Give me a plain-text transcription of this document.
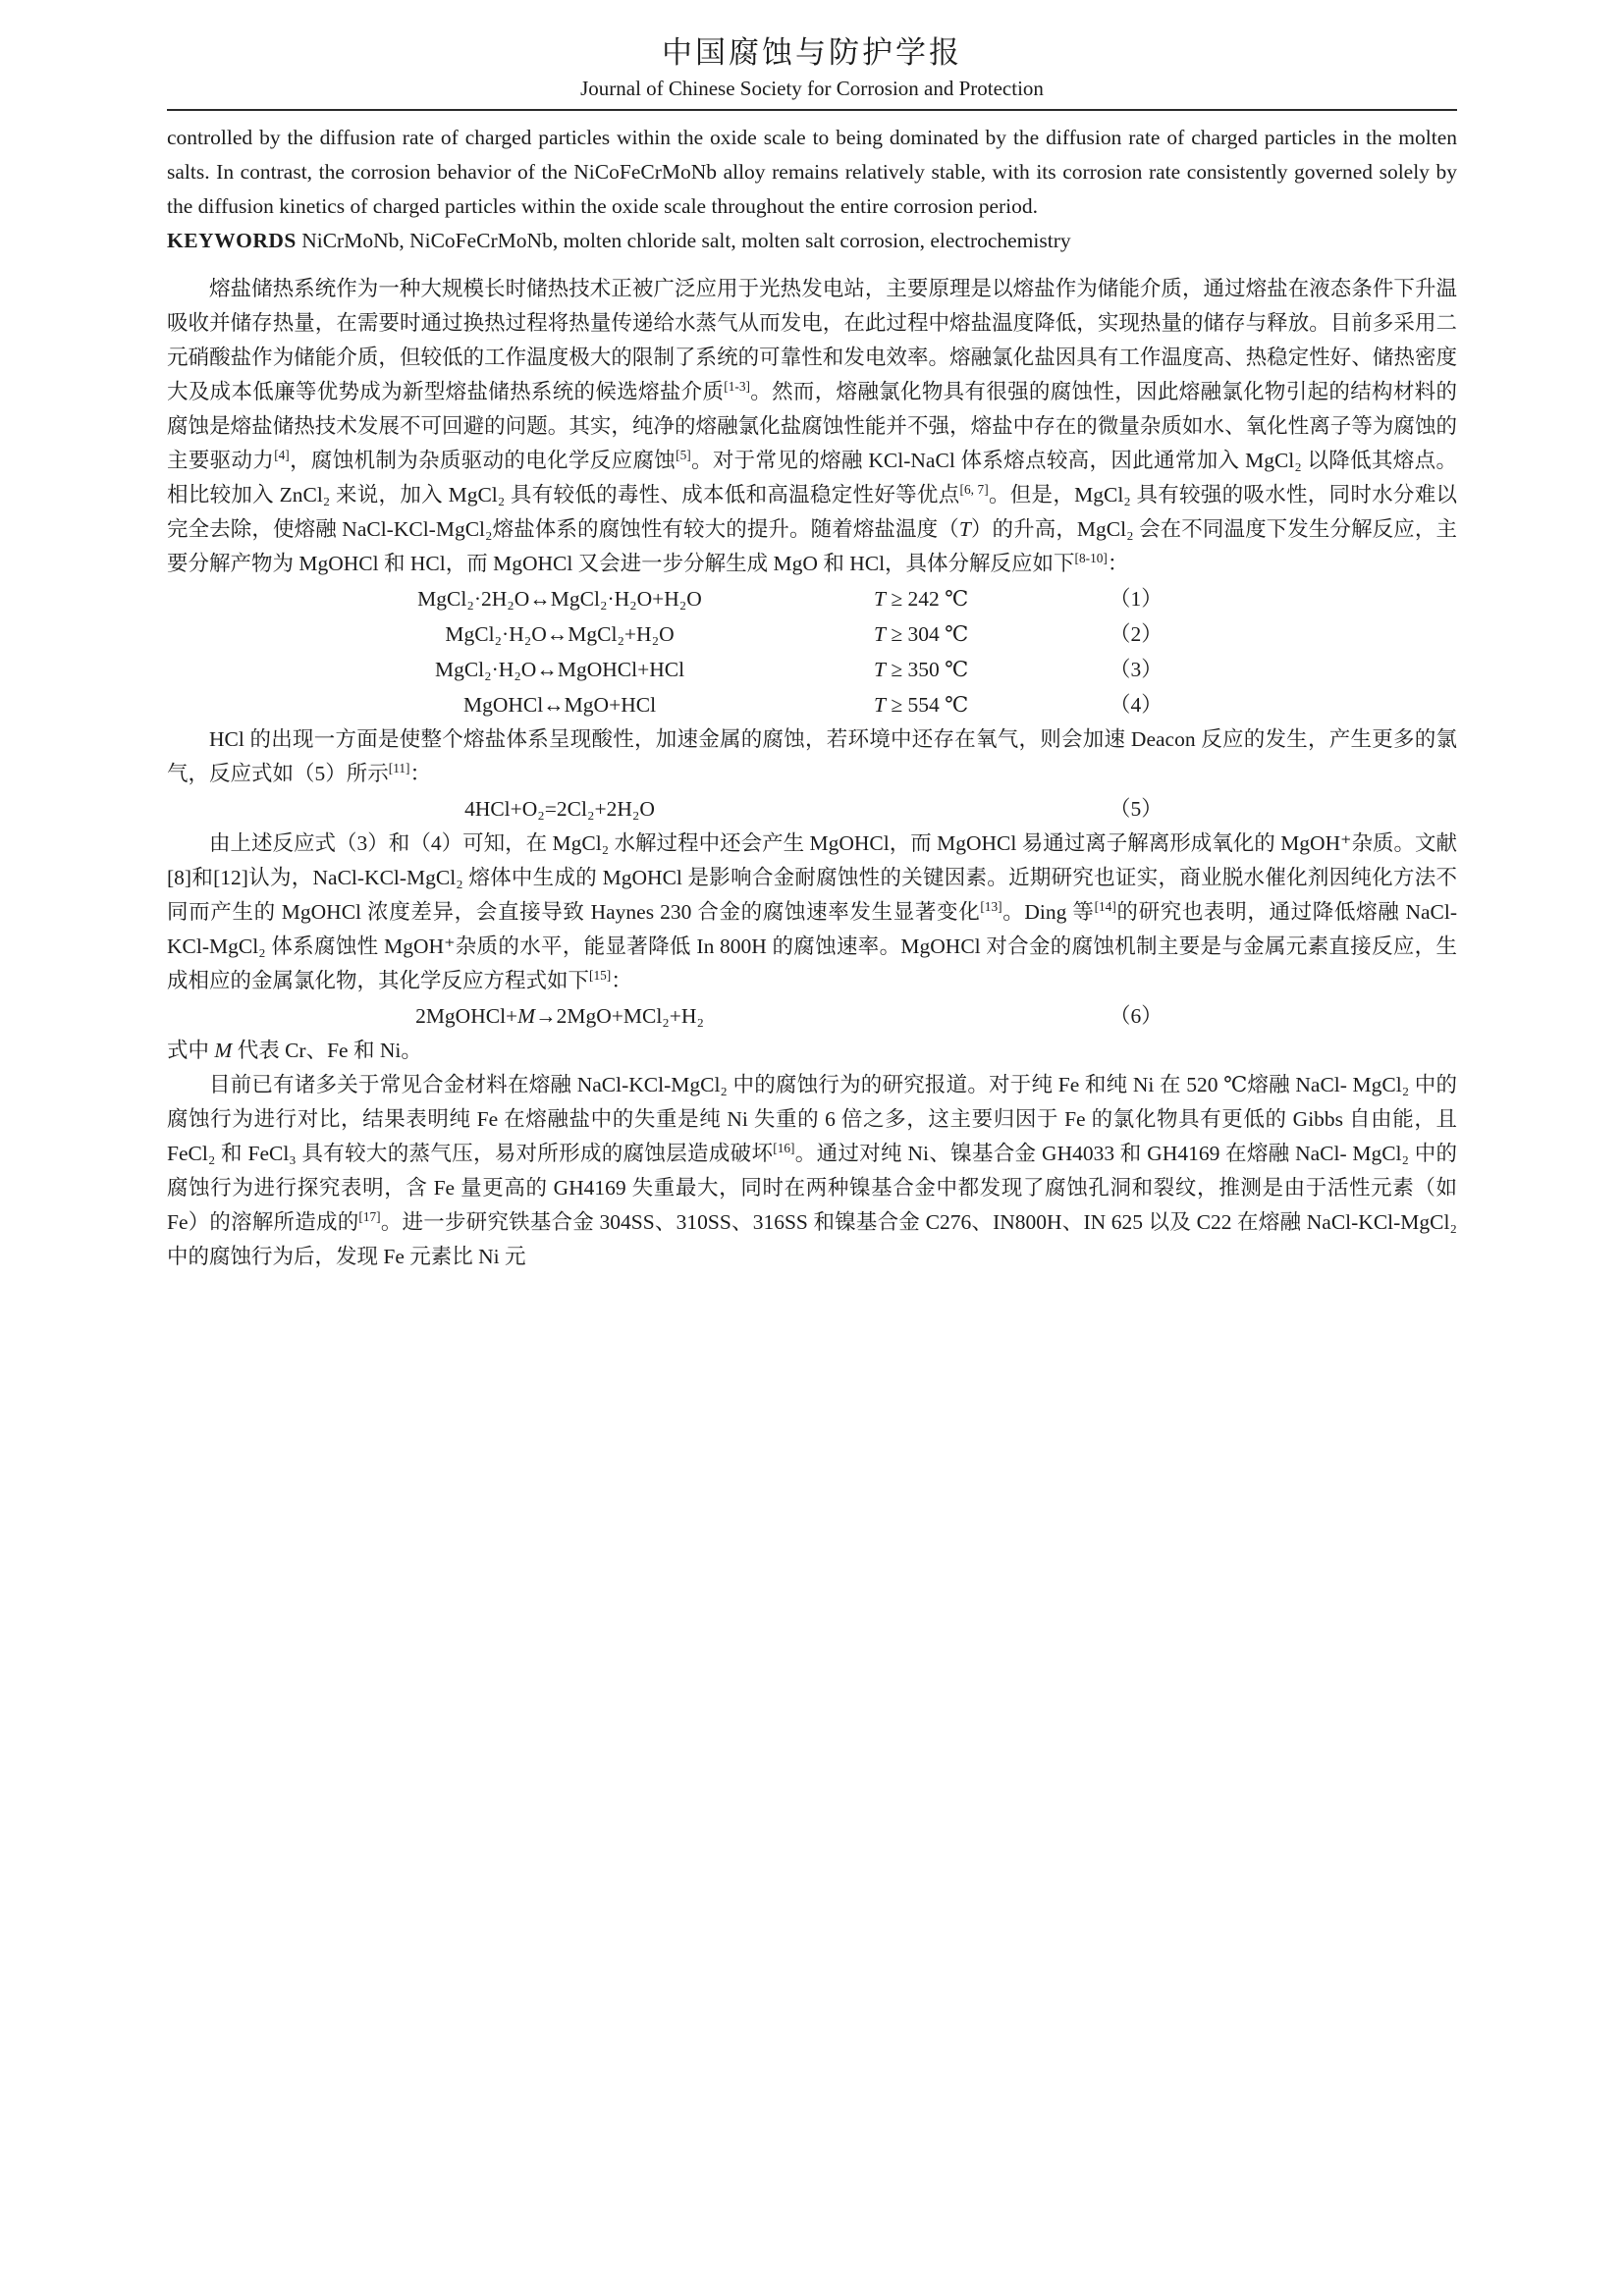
中国腐蚀与防护学报
Journal of Chinese Society for Corrosion and Protection

controlled by the diffusion rate of charged particles within the oxide scale to being dominated by the diffusion rate of charged particles in the molten salts. In contrast, the corrosion behavior of the NiCoFeCrMoNb alloy remains relatively stable, with its corrosion rate consistently governed solely by the diffusion kinetics of charged particles within the oxide scale throughout the entire corrosion period.

KEYWORDS NiCrMoNb, NiCoFeCrMoNb, molten chloride salt, molten salt corrosion, electrochemistry

熔盐储热系统作为一种大规模长时储热技术正被广泛应用于光热发电站，主要原理是以熔盐作为储能介质，通过熔盐在液态条件下升温吸收并储存热量，在需要时通过换热过程将热量传递给水蒸气从而发电，在此过程中熔盐温度降低，实现热量的储存与释放。目前多采用二元硝酸盐作为储能介质，但较低的工作温度极大的限制了系统的可靠性和发电效率。熔融氯化盐因具有工作温度高、热稳定性好、储热密度大及成本低廉等优势成为新型熔盐储热系统的候选熔盐介质[1-3]。然而，熔融氯化物具有很强的腐蚀性，因此熔融氯化物引起的结构材料的腐蚀是熔盐储热技术发展不可回避的问题。其实，纯净的熔融氯化盐腐蚀性能并不强，熔盐中存在的微量杂质如水、氧化性离子等为腐蚀的主要驱动力[4]，腐蚀机制为杂质驱动的电化学反应腐蚀[5]。对于常见的熔融 KCl-NaCl 体系熔点较高，因此通常加入 MgCl₂ 以降低其熔点。相比较加入 ZnCl₂ 来说，加入 MgCl₂ 具有较低的毒性、成本低和高温稳定性好等优点[6, 7]。但是，MgCl₂ 具有较强的吸水性，同时水分难以完全去除，使熔融 NaCl-KCl-MgCl₂熔盐体系的腐蚀性有较大的提升。随着熔盐温度（T）的升高，MgCl₂ 会在不同温度下发生分解反应，主要分解产物为 MgOHCl 和 HCl，而 MgOHCl 又会进一步分解生成 MgO 和 HCl，具体分解反应如下[8-10]：

MgCl₂·2H₂O↔MgCl₂·H₂O+H₂O	T ≥ 242 ℃	（1）
MgCl₂·H₂O↔MgCl₂+H₂O	T ≥ 304 ℃	（2）
MgCl₂·H₂O↔MgOHCl+HCl	T ≥ 350 ℃	（3）
MgOHCl↔MgO+HCl	T ≥ 554 ℃	（4）

HCl 的出现一方面是使整个熔盐体系呈现酸性，加速金属的腐蚀，若环境中还存在氧气，则会加速 Deacon 反应的发生，产生更多的氯气，反应式如（5）所示[11]：

4HCl+O₂=2Cl₂+2H₂O	（5）

由上述反应式（3）和（4）可知，在 MgCl₂ 水解过程中还会产生 MgOHCl，而 MgOHCl 易通过离子解离形成氧化的 MgOH⁺杂质。文献[8]和[12]认为，NaCl-KCl-MgCl₂ 熔体中生成的 MgOHCl 是影响合金耐腐蚀性的关键因素。近期研究也证实，商业脱水催化剂因纯化方法不同而产生的 MgOHCl 浓度差异，会直接导致 Haynes 230 合金的腐蚀速率发生显著变化[13]。Ding 等[14]的研究也表明，通过降低熔融 NaCl-KCl-MgCl₂ 体系腐蚀性 MgOH⁺杂质的水平，能显著降低 In 800H 的腐蚀速率。MgOHCl 对合金的腐蚀机制主要是与金属元素直接反应，生成相应的金属氯化物，其化学反应方程式如下[15]：

2MgOHCl+M→2MgO+MCl₂+H₂	（6）

式中 M 代表 Cr、Fe 和 Ni。

目前已有诸多关于常见合金材料在熔融 NaCl-KCl-MgCl₂ 中的腐蚀行为的研究报道。对于纯 Fe 和纯 Ni 在 520 ℃熔融 NaCl- MgCl₂ 中的腐蚀行为进行对比，结果表明纯 Fe 在熔融盐中的失重是纯 Ni 失重的 6 倍之多，这主要归因于 Fe 的氯化物具有更低的 Gibbs 自由能，且 FeCl₂ 和 FeCl₃ 具有较大的蒸气压，易对所形成的腐蚀层造成破坏[16]。通过对纯 Ni、镍基合金 GH4033 和 GH4169 在熔融 NaCl- MgCl₂ 中的腐蚀行为进行探究表明，含 Fe 量更高的 GH4169 失重最大，同时在两种镍基合金中都发现了腐蚀孔洞和裂纹，推测是由于活性元素（如 Fe）的溶解所造成的[17]。进一步研究铁基合金 304SS、310SS、316SS 和镍基合金 C276、IN800H、IN 625 以及 C22 在熔融 NaCl-KCl-MgCl₂ 中的腐蚀行为后，发现 Fe 元素比 Ni 元
